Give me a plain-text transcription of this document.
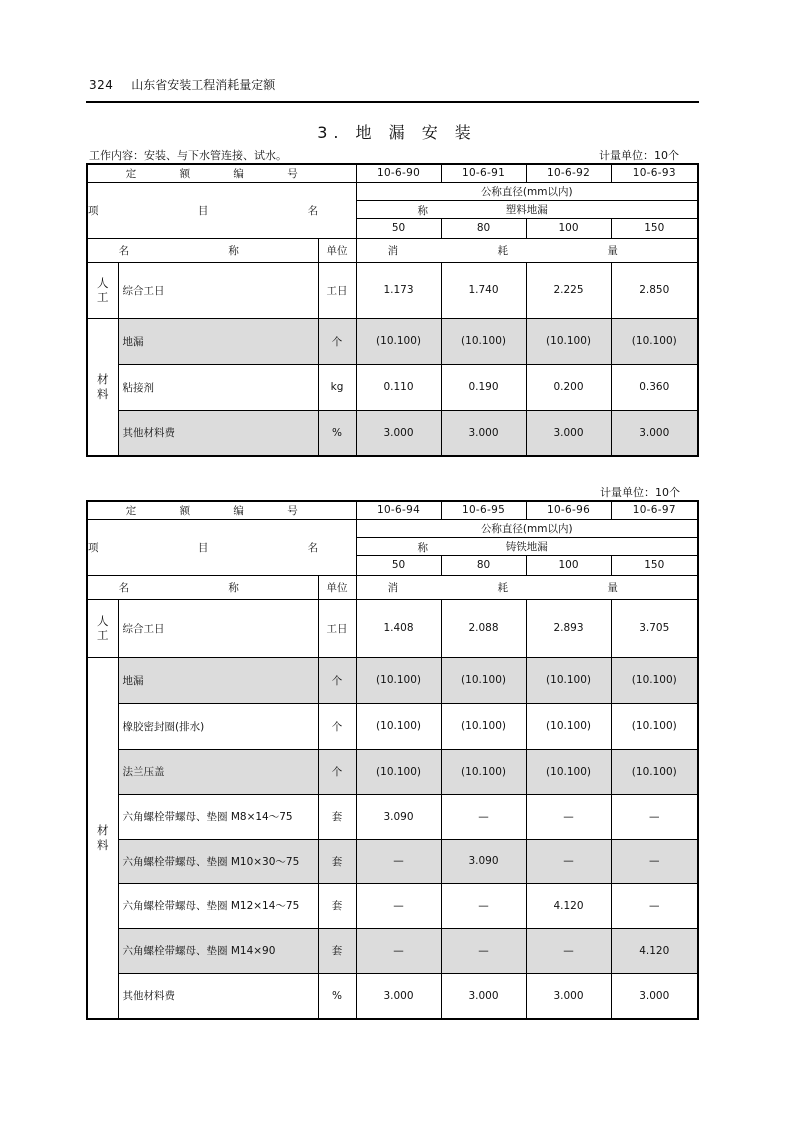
324 山东省安装工程消耗量定额
3. 地 漏 安 装
工作内容：安装、与下水管连接、试水。	计量单位：10个
定 额 编 号			10-6-90	10-6-91	10-6-92	10-6-93
项 目 名 称			公称直径(mm以内)			
			塑料地漏			
			50	80	100	150
名 称		单位	消 耗 量			
人
工	综合工日	工日	1.173	1.740	2.225	2.850

材
料	地漏	个	(10.100)	(10.100)	(10.100)	(10.100)
	粘接剂	kg	0.110	0.190	0.200	0.360
	其他材料费	%	3.000	3.000	3.000	3.000
计量单位：10个
定 额 编 号			10-6-94	10-6-95	10-6-96	10-6-97
项 目 名 称			公称直径(mm以内)			
			铸铁地漏			
			50	80	100	150
名 称		单位	消 耗 量			
人
工	综合工日	工日	1.408	2.088	2.893	3.705

材
料	地漏	个	(10.100)	(10.100)	(10.100)	(10.100)
	橡胶密封圈(排水)	个	(10.100)	(10.100)	(10.100)	(10.100)
	法兰压盖	个	(10.100)	(10.100)	(10.100)	(10.100)
	六角螺栓带螺母、垫圈 M8×14～75	套	3.090	—	—	—
	六角螺栓带螺母、垫圈 M10×30～75	套	—	3.090	—	—
	六角螺栓带螺母、垫圈 M12×14～75	套	—	—	4.120	—
	六角螺栓带螺母、垫圈 M14×90	套	—	—	—	4.120
	其他材料费	%	3.000	3.000	3.000	3.000
